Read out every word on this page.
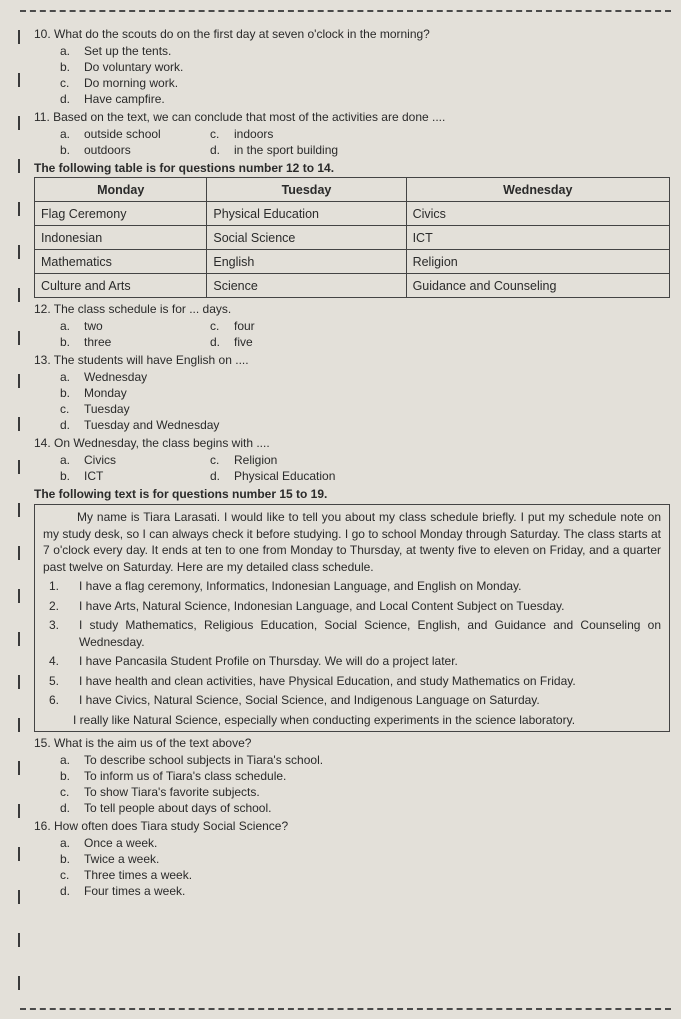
10. What do the scouts do on the first day at seven o'clock in the morning?
a.	Set up the tents.
b.	Do voluntary work.
c.	Do morning work.
d.	Have campfire.
11. Based on the text, we can conclude that most of the activities are done ....
a.	outside school	c.	indoors
b.	outdoors	d.	in the sport building
The following table is for questions number 12 to 14.
Monday	Tuesday	Wednesday
Flag Ceremony	Physical Education	Civics
Indonesian	Social Science	ICT
Mathematics	English	Religion
Culture and Arts	Science	Guidance and Counseling
12. The class schedule is for ... days.
a.	two	c.	four
b.	three	d.	five
13. The students will have English on ....
a.	Wednesday
b.	Monday
c.	Tuesday
d.	Tuesday and Wednesday
14. On Wednesday, the class begins with ....
a.	Civics	c.	Religion
b.	ICT	d.	Physical Education
The following text is for questions number 15 to 19.

My name is Tiara Larasati. I would like to tell you about my class schedule briefly. I put my schedule note on my study desk, so I can always check it before studying. I go to school Monday through Saturday. The class starts at 7 o'clock every day. It ends at ten to one from Monday to Thursday, at twenty five to eleven on Friday, and a quarter past twelve on Saturday. Here are my detailed class schedule.

1.	I have a flag ceremony, Informatics, Indonesian Language, and English on Monday.
2.	I have Arts, Natural Science, Indonesian Language, and Local Content Subject on Tuesday.
3.	I study Mathematics, Religious Education, Social Science, English, and Guidance and Counseling on Wednesday.
4.	I have Pancasila Student Profile on Thursday. We will do a project later.
5.	I have health and clean activities, have Physical Education, and study Mathematics on Friday.
6.	I have Civics, Natural Science, Social Science, and Indigenous Language on Saturday.

I really like Natural Science, especially when conducting experiments in the science laboratory.

15. What is the aim us of the text above?
a.	To describe school subjects in Tiara's school.
b.	To inform us of Tiara's class schedule.
c.	To show Tiara's favorite subjects.
d.	To tell people about days of school.
16. How often does Tiara study Social Science?
a.	Once a week.
b.	Twice a week.
c.	Three times a week.
d.	Four times a week.
